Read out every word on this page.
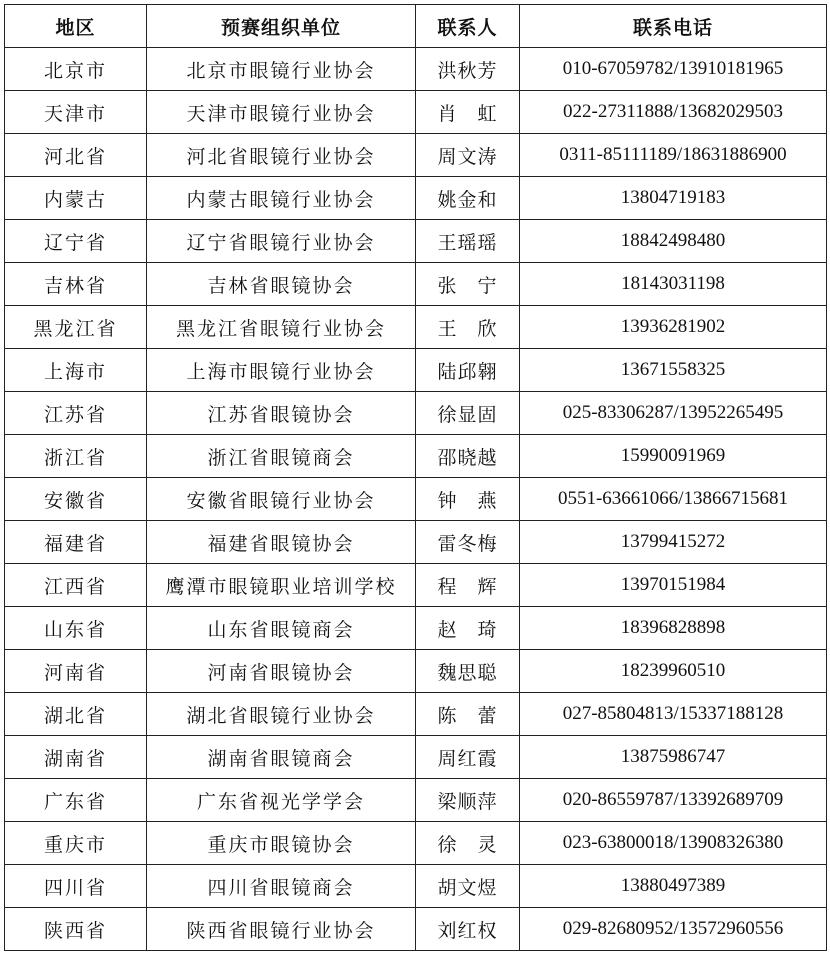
地区	预赛组织单位	联系人	联系电话
北京市	北京市眼镜行业协会	洪秋芳	010-67059782/13910181965
天津市	天津市眼镜行业协会	肖　虹	022-27311888/13682029503
河北省	河北省眼镜行业协会	周文涛	0311-85111189/18631886900
内蒙古	内蒙古眼镜行业协会	姚金和	13804719183
辽宁省	辽宁省眼镜行业协会	王瑶瑶	18842498480
吉林省	吉林省眼镜协会	张　宁	18143031198
黑龙江省	黑龙江省眼镜行业协会	王　欣	13936281902
上海市	上海市眼镜行业协会	陆邱翱	13671558325
江苏省	江苏省眼镜协会	徐显固	025-83306287/13952265495
浙江省	浙江省眼镜商会	邵晓越	15990091969
安徽省	安徽省眼镜行业协会	钟　燕	0551-63661066/13866715681
福建省	福建省眼镜协会	雷冬梅	13799415272
江西省	鹰潭市眼镜职业培训学校	程　辉	13970151984
山东省	山东省眼镜商会	赵　琦	18396828898
河南省	河南省眼镜协会	魏思聪	18239960510
湖北省	湖北省眼镜行业协会	陈　蕾	027-85804813/15337188128
湖南省	湖南省眼镜商会	周红霞	13875986747
广东省	广东省视光学学会	梁顺萍	020-86559787/13392689709
重庆市	重庆市眼镜协会	徐　灵	023-63800018/13908326380
四川省	四川省眼镜商会	胡文煜	13880497389
陕西省	陕西省眼镜行业协会	刘红权	029-82680952/13572960556
